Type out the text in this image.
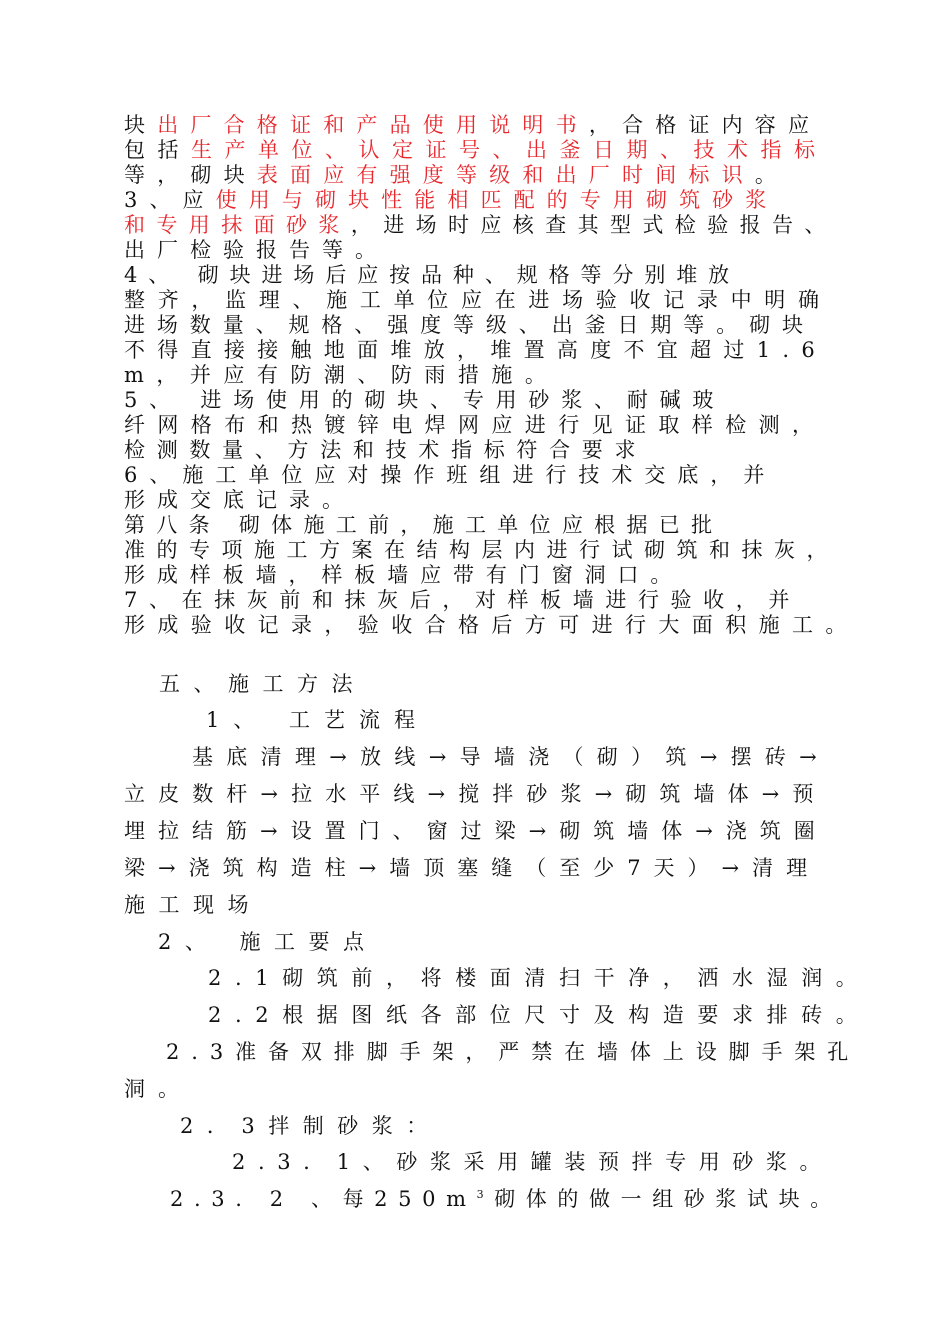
块出厂合格证和产品使用说明书，合格证内容应
包括生产单位、认定证号、出釜日期、技术指标
等，砌块表面应有强度等级和出厂时间标识。
3、应使用与砌块性能相匹配的专用砌筑砂浆
和专用抹面砂浆，进场时应核查其型式检验报告、
出厂检验报告等。
4、 砌块进场后应按品种、规格等分别堆放
整齐，监理、施工单位应在进场验收记录中明确
进场数量、规格、强度等级、出釜日期等。砌块
不得直接接触地面堆放，堆置高度不宜超过1.6
m，并应有防潮、防雨措施。
5、 进场使用的砌块、专用砂浆、耐碱玻
纤网格布和热镀锌电焊网应进行见证取样检测，
检测数量、方法和技术指标符合要求
6、施工单位应对操作班组进行技术交底，并
形成交底记录。
第八条 砌体施工前，施工单位应根据已批
准的专项施工方案在结构层内进行试砌筑和抹灰，
形成样板墙，样板墙应带有门窗洞口。
7、在抹灰前和抹灰后，对样板墙进行验收，并
形成验收记录，验收合格后方可进行大面积施工。
五、施工方法
1、 工艺流程
基底清理→放线→导墙浇（砌）筑→摆砖→
立皮数杆→拉水平线→搅拌砂浆→砌筑墙体→预
埋拉结筋→设置门、窗过梁→砌筑墙体→浇筑圈
梁→浇筑构造柱→墙顶塞缝（至少7天）→清理
施工现场
2、 施工要点
2.1砌筑前，将楼面清扫干净，洒水湿润。
2.2根据图纸各部位尺寸及构造要求排砖。
2.3准备双排脚手架，严禁在墙体上设脚手架孔
洞。
2．3拌制砂浆：
2.3．1、砂浆采用罐装预拌专用砂浆。
2.3. 2 、每$250m^3$砌体的做一组砂浆试块。
